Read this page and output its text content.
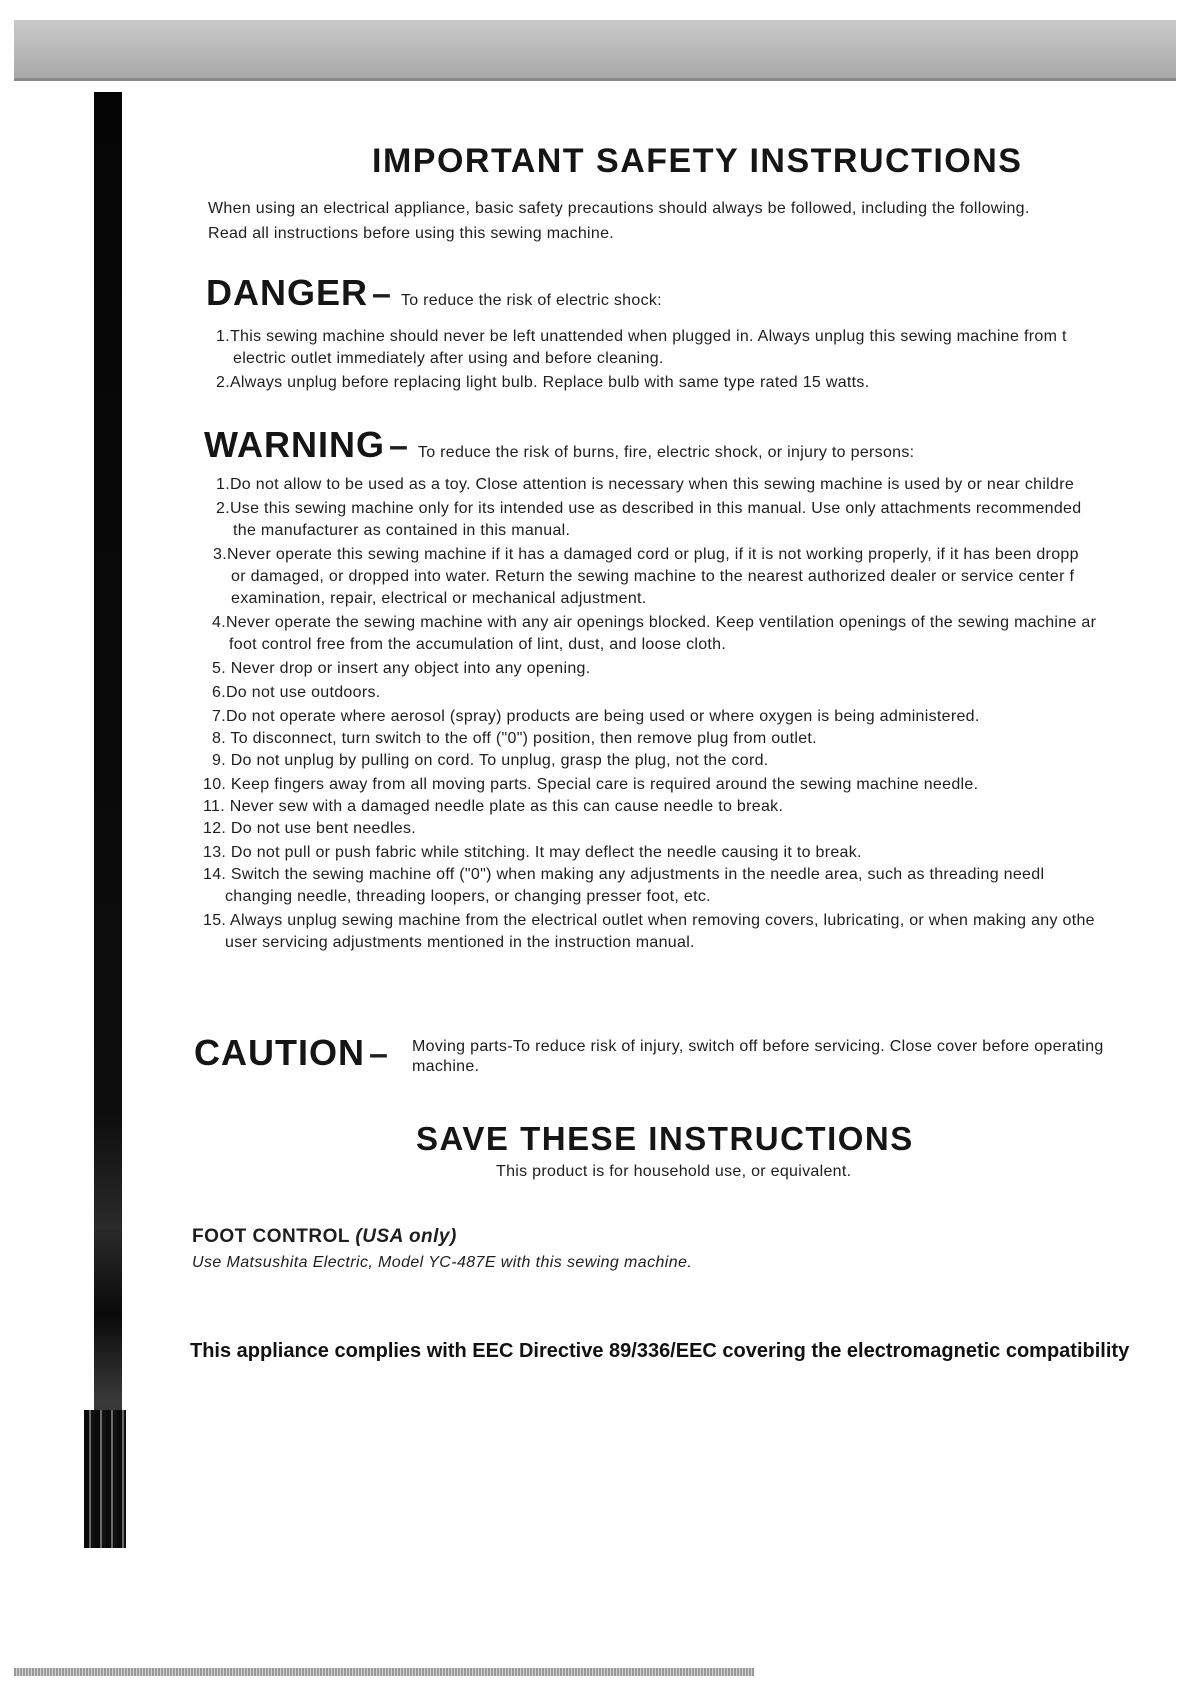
IMPORTANT SAFETY INSTRUCTIONS
When using an electrical appliance, basic safety precautions should always be followed, including the following.
Read all instructions before using this sewing machine.
DANGER – To reduce the risk of electric shock:
1.This sewing machine should never be left unattended when plugged in. Always unplug this sewing machine from t
electric outlet immediately after using and before cleaning.
2.Always unplug before replacing light bulb. Replace bulb with same type rated 15 watts.
WARNING – To reduce the risk of burns, fire, electric shock, or injury to persons:
1.Do not allow to be used as a toy. Close attention is necessary when this sewing machine is used by or near childre
2.Use this sewing machine only for its intended use as described in this manual. Use only attachments recommended
the manufacturer as contained in this manual.
3.Never operate this sewing machine if it has a damaged cord or plug, if it is not working properly, if it has been dropp
or damaged, or dropped into water. Return the sewing machine to the nearest authorized dealer or service center f
examination, repair, electrical or mechanical adjustment.
4.Never operate the sewing machine with any air openings blocked. Keep ventilation openings of the sewing machine ar
foot control free from the accumulation of lint, dust, and loose cloth.
5. Never drop or insert any object into any opening.
6.Do not use outdoors.
7.Do not operate where aerosol (spray) products are being used or where oxygen is being administered.
8. To disconnect, turn switch to the off ("0") position, then remove plug from outlet.
9. Do not unplug by pulling on cord. To unplug, grasp the plug, not the cord.
10. Keep fingers away from all moving parts. Special care is required around the sewing machine needle.
11. Never sew with a damaged needle plate as this can cause needle to break.
12. Do not use bent needles.
13. Do not pull or push fabric while stitching. It may deflect the needle causing it to break.
14. Switch the sewing machine off ("0") when making any adjustments in the needle area, such as threading needl
changing needle, threading loopers, or changing presser foot, etc.
15. Always unplug sewing machine from the electrical outlet when removing covers, lubricating, or when making any othe
user servicing adjustments mentioned in the instruction manual.
CAUTION – Moving parts-To reduce risk of injury, switch off before servicing. Close cover before operating
machine.
SAVE THESE INSTRUCTIONS
This product is for household use, or equivalent.
FOOT CONTROL (USA only)
Use Matsushita Electric, Model YC-487E with this sewing machine.
This appliance complies with EEC Directive 89/336/EEC covering the electromagnetic compatibility
